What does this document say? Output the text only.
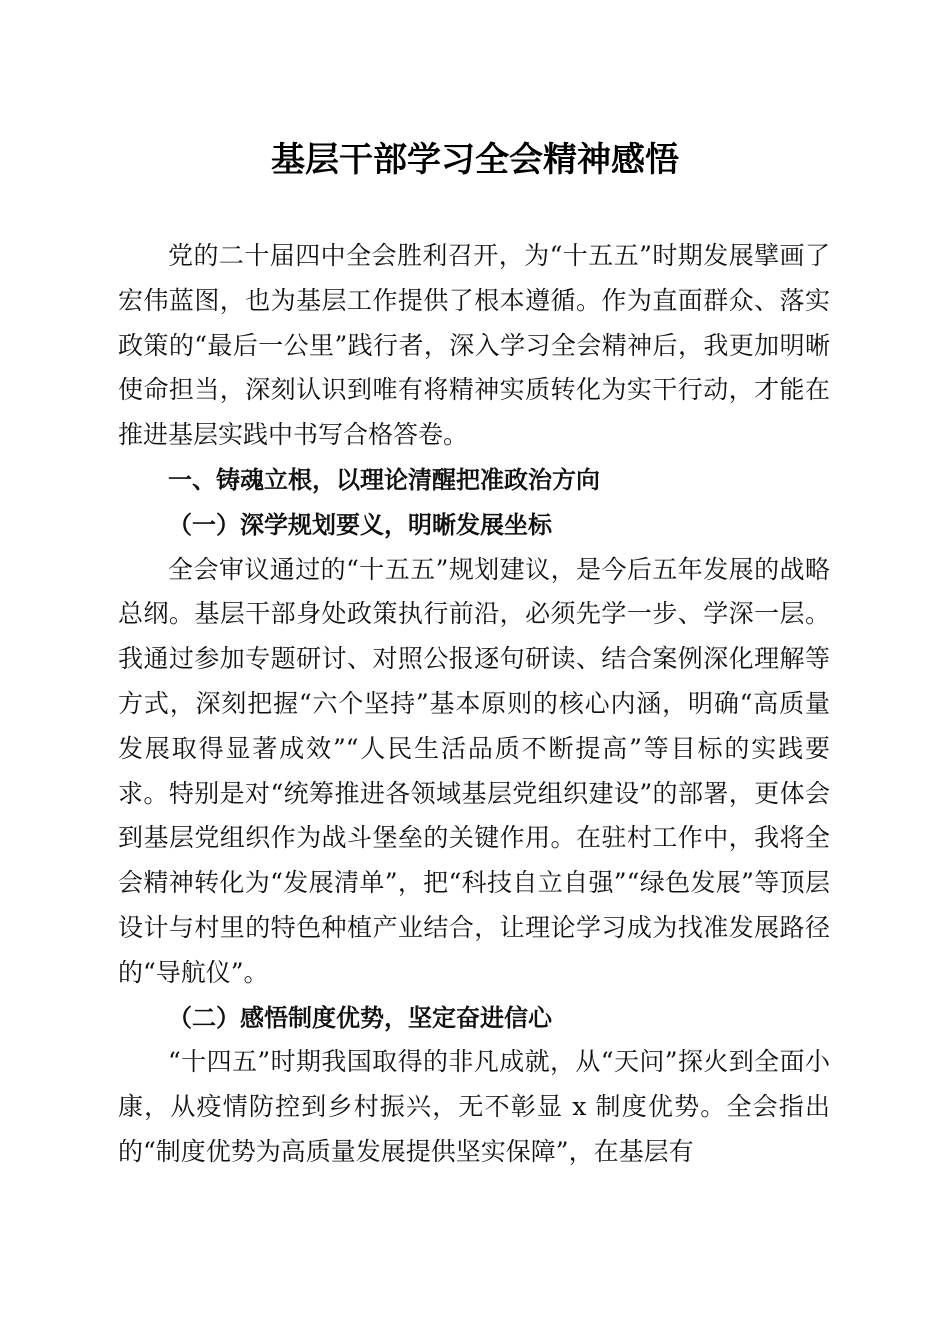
基层干部学习全会精神感悟

党的二十届四中全会胜利召开，为“十五五”时期发展擘画了宏伟蓝图，也为基层工作提供了根本遵循。作为直面群众、落实政策的“最后一公里”践行者，深入学习全会精神后，我更加明晰使命担当，深刻认识到唯有将精神实质转化为实干行动，才能在推进基层实践中书写合格答卷。

一、铸魂立根，以理论清醒把准政治方向

（一）深学规划要义，明晰发展坐标

全会审议通过的“十五五”规划建议，是今后五年发展的战略总纲。基层干部身处政策执行前沿，必须先学一步、学深一层。我通过参加专题研讨、对照公报逐句研读、结合案例深化理解等方式，深刻把握“六个坚持”基本原则的核心内涵，明确“高质量发展取得显著成效”“人民生活品质不断提高”等目标的实践要求。特别是对“统筹推进各领域基层党组织建设”的部署，更体会到基层党组织作为战斗堡垒的关键作用。在驻村工作中，我将全会精神转化为“发展清单”，把“科技自立自强”“绿色发展”等顶层设计与村里的特色种植产业结合，让理论学习成为找准发展路径的“导航仪”。

（二）感悟制度优势，坚定奋进信心

“十四五”时期我国取得的非凡成就，从“天问”探火到全面小康，从疫情防控到乡村振兴，无不彰显 x 制度优势。全会指出的“制度优势为高质量发展提供坚实保障”，在基层有
